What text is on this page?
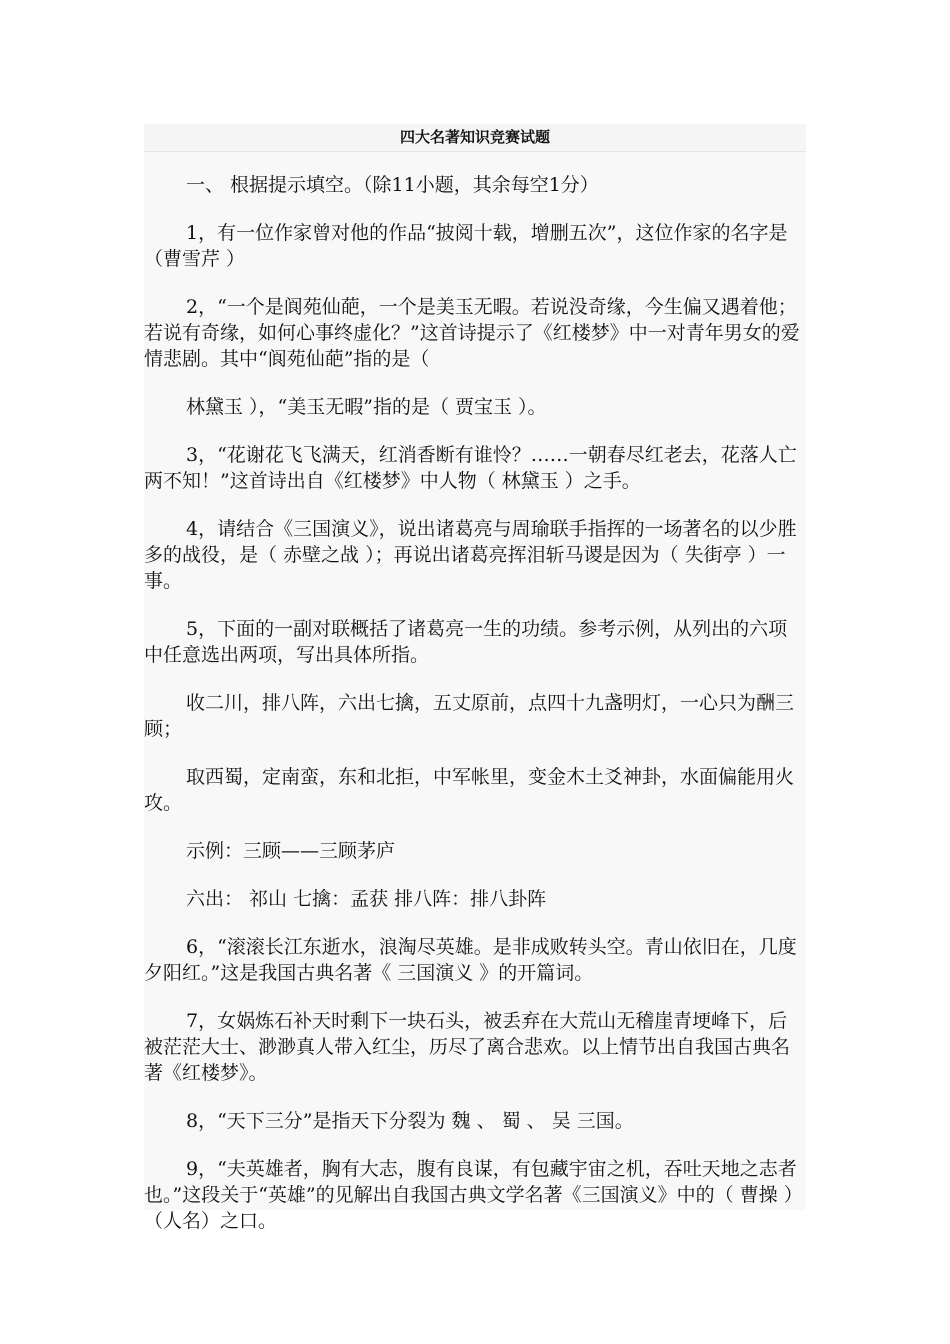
四大名著知识竞赛试题

一、 根据提示填空。（除11小题，其余每空1分）

1，有一位作家曾对他的作品“披阅十载，增删五次”，这位作家的名字是（曹雪芹 ）

2，“一个是阆苑仙葩，一个是美玉无暇。若说没奇缘，今生偏又遇着他；若说有奇缘，如何心事终虚化？”这首诗提示了《红楼梦》中一对青年男女的爱情悲剧。其中“阆苑仙葩”指的是（

林黛玉 ），“美玉无暇”指的是（ 贾宝玉 ）。

3，“花谢花飞飞满天，红消香断有谁怜？……一朝春尽红老去，花落人亡两不知！”这首诗出自《红楼梦》中人物（ 林黛玉 ）之手。

4，请结合《三国演义》，说出诸葛亮与周瑜联手指挥的一场著名的以少胜多的战役，是（ 赤壁之战 ）；再说出诸葛亮挥泪斩马谡是因为（ 失街亭 ）一事。

5，下面的一副对联概括了诸葛亮一生的功绩。参考示例，从列出的六项中任意选出两项，写出具体所指。

收二川，排八阵，六出七擒，五丈原前，点四十九盏明灯，一心只为酬三顾；

取西蜀，定南蛮，东和北拒，中军帐里，变金木土爻神卦，水面偏能用火攻。

示例：三顾——三顾茅庐

六出： 祁山 七擒：孟获 排八阵：排八卦阵

6，“滚滚长江东逝水，浪淘尽英雄。是非成败转头空。青山依旧在，几度夕阳红。”这是我国古典名著《 三国演义 》的开篇词。

7，女娲炼石补天时剩下一块石头，被丢弃在大荒山无稽崖青埂峰下，后被茫茫大士、渺渺真人带入红尘，历尽了离合悲欢。以上情节出自我国古典名著《红楼梦》。

8，“天下三分”是指天下分裂为 魏 、 蜀 、 吴 三国。

9，“夫英雄者，胸有大志，腹有良谋，有包藏宇宙之机，吞吐天地之志者也。”这段关于“英雄”的见解出自我国古典文学名著《三国演义》中的（ 曹操 ）（人名）之口。
